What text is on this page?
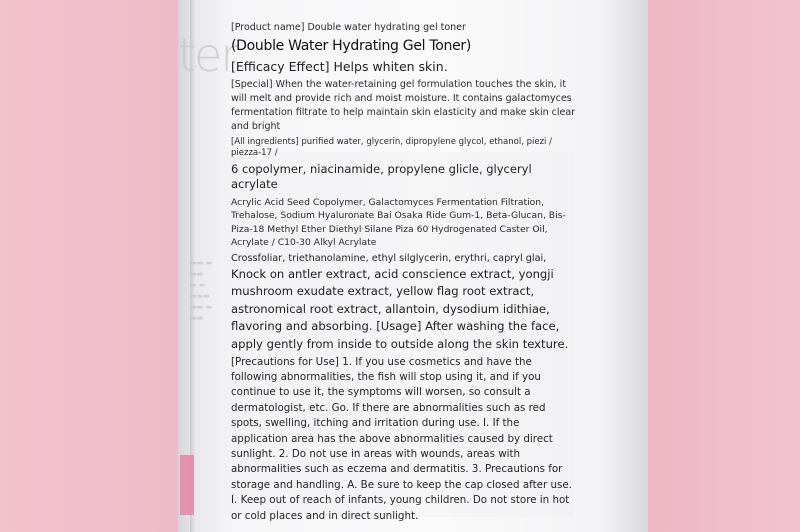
ter
▬▬ ▬
▬▬
▬ ▬
▬▬▬
▬▬ ▬
▬▬
[Product name] Double water hydrating gel toner
(Double Water Hydrating Gel Toner)
[Efficacy Effect] Helps whiten skin.
[Special] When the water-retaining gel formulation touches the skin, it will melt and provide rich and moist moisture. It contains galactomyces fermentation filtrate to help maintain skin elasticity and make skin clear and bright
[All ingredients] purified water, glycerin, dipropylene glycol, ethanol, piezi / piezza-17 /
6 copolymer, niacinamide, propylene glicle, glyceryl acrylate
Acrylic Acid Seed Copolymer, Galactomyces Fermentation Filtration, Trehalose, Sodium Hyaluronate Bai Osaka Ride Gum-1, Beta-Glucan, Bis-Piza-18 Methyl Ether Diethyl Silane Piza 60 Hydrogenated Caster Oil, Acrylate / C10-30 Alkyl Acrylate
Crossfoliar, triethanolamine, ethyl silglycerin, erythri, capryl glai,
Knock on antler extract, acid conscience extract, yongji mushroom exudate extract, yellow flag root extract, astronomical root extract, allantoin, dysodium idithiae, flavoring and absorbing. [Usage] After washing the face, apply gently from inside to outside along the skin texture.
[Precautions for Use] 1. If you use cosmetics and have the following abnormalities, the fish will stop using it, and if you continue to use it, the symptoms will worsen, so consult a dermatologist, etc. Go. If there are abnormalities such as red spots, swelling, itching and irritation during use. I. If the application area has the above abnormalities caused by direct sunlight. 2. Do not use in areas with wounds, areas with abnormalities such as eczema and dermatitis. 3. Precautions for storage and handling. A. Be sure to keep the cap closed after use. I. Keep out of reach of infants, young children. Do not store in hot or cold places and in direct sunlight.
